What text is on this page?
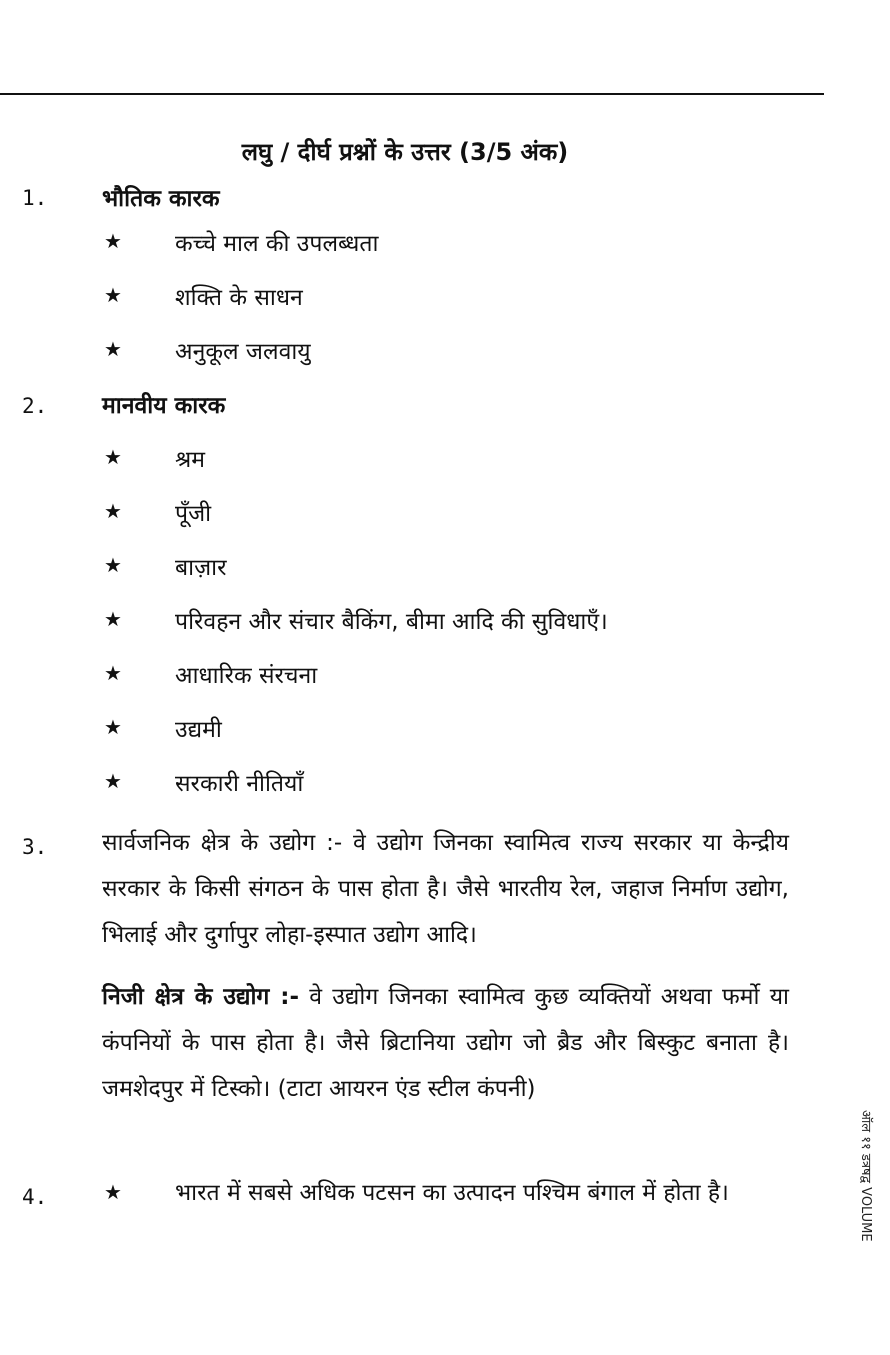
लघु / दीर्घ प्रश्नों के उत्तर (3/5 अंक)
1. भौतिक कारक
★ कच्चे माल की उपलब्धता
★ शक्ति के साधन
★ अनुकूल जलवायु
2. मानवीय कारक
★ श्रम
★ पूँजी
★ बाज़ार
★ परिवहन और संचार बैकिंग, बीमा आदि की सुविधाएँ।
★ आधारिक संरचना
★ उद्यमी
★ सरकारी नीतियाँ
3. सार्वजनिक क्षेत्र के उद्योग :- वे उद्योग जिनका स्वामित्व राज्य सरकार या केन्द्रीय सरकार के किसी संगठन के पास होता है। जैसे भारतीय रेल, जहाज निर्माण उद्योग, भिलाई और दुर्गापुर लोहा-इस्पात उद्योग आदि।
निजी क्षेत्र के उद्योग :- वे उद्योग जिनका स्वामित्व कुछ व्यक्तियों अथवा फर्मो या कंपनियों के पास होता है। जैसे ब्रिटानिया उद्योग जो ब्रैड और बिस्कुट बनाता है। जमशेदपुर में टिस्को। (टाटा आयरन एंड स्टील कंपनी)
4.	★ भारत में सबसे अधिक पटसन का उत्पादन पश्चिम बंगाल में होता है।	ऑल ११ डत्रषद्व VOLUME
